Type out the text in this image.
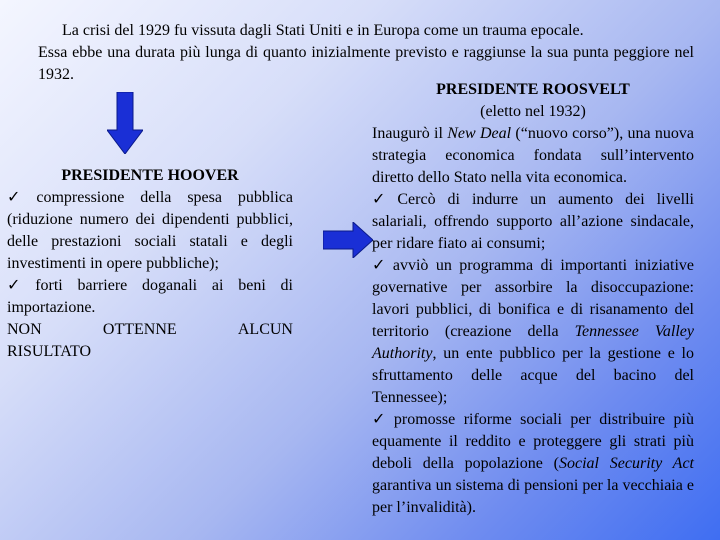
La crisi del 1929 fu vissuta dagli Stati Uniti e in Europa come un trauma epocale.
Essa ebbe una durata più lunga di quanto inizialmente previsto e raggiunse la sua punta peggiore nel 1932.
PRESIDENTE HOOVER
✓ compressione della spesa pubblica (riduzione numero dei dipendenti pubblici, delle prestazioni sociali statali e degli investimenti in opere pubbliche);
✓ forti barriere doganali ai beni di importazione.
NON	OTTENNE	ALCUN
RISULTATO
PRESIDENTE ROOSVELT
(eletto nel 1932)
Inaugurò il New Deal (“nuovo corso”), una nuova strategia economica fondata sull’intervento diretto dello Stato nella vita economica.
✓ Cercò di indurre un aumento dei livelli salariali, offrendo supporto all’azione sindacale, per ridare fiato ai consumi;
✓ avviò un programma di importanti iniziative governative per assorbire la disoccupazione: lavori pubblici, di bonifica e di risanamento del territorio (creazione della Tennessee Valley Authority, un ente pubblico per la gestione e lo sfruttamento delle acque del bacino del Tennessee);
✓ promosse riforme sociali per distribuire più equamente il reddito e proteggere gli strati più deboli della popolazione (Social Security Act garantiva un sistema di pensioni per la vecchiaia e per l’invalidità).
